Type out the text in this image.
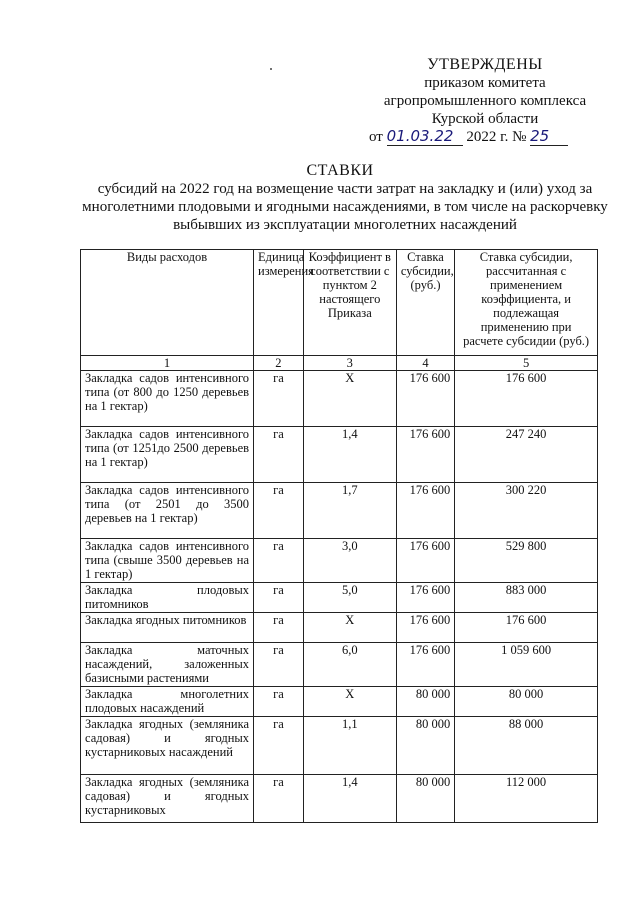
УТВЕРЖДЕНЫ
приказом комитета
агропромышленного комплекса
Курской области
от 01.03.22 2022 г. № 25
СТАВКИ
субсидий на 2022 год на возмещение части затрат на закладку и (или) уход за многолетними плодовыми и ягодными насаждениями, в том числе на раскорчевку выбывших из эксплуатации многолетних насаждений
Виды расходов	Единица измерения	Коэффициент в соответствии с пунктом 2 настоящего Приказа	Ставка субсидии, (руб.)	Ставка субсидии, рассчитанная с применением коэффициента, и подлежащая применению при расчете субсидии (руб.)
1	2	3	4	5
Закладка садов интенсивного типа (от 800 до 1250 деревьев на 1 гектар)	га	Х	176 600	176 600
Закладка садов интенсивного типа (от 1251до 2500 деревьев на 1 гектар)	га	1,4	176 600	247 240
Закладка садов интенсивного типа (от 2501 до 3500 деревьев на 1 гектар)	га	1,7	176 600	300 220
Закладка садов интенсивного типа (свыше 3500 деревьев на 1 гектар)	га	3,0	176 600	529 800
Закладка плодовых питомников	га	5,0	176 600	883 000
Закладка ягодных питомников	га	Х	176 600	176 600
Закладка маточных насаждений, заложенных базисными растениями	га	6,0	176 600	1 059 600
Закладка многолетних плодовых насаждений	га	Х	80 000	80 000
Закладка ягодных (земляника садовая) и ягодных кустарниковых насаждений	га	1,1	80 000	88 000
Закладка ягодных (земляника садовая) и ягодных кустарниковых	га	1,4	80 000	112 000
